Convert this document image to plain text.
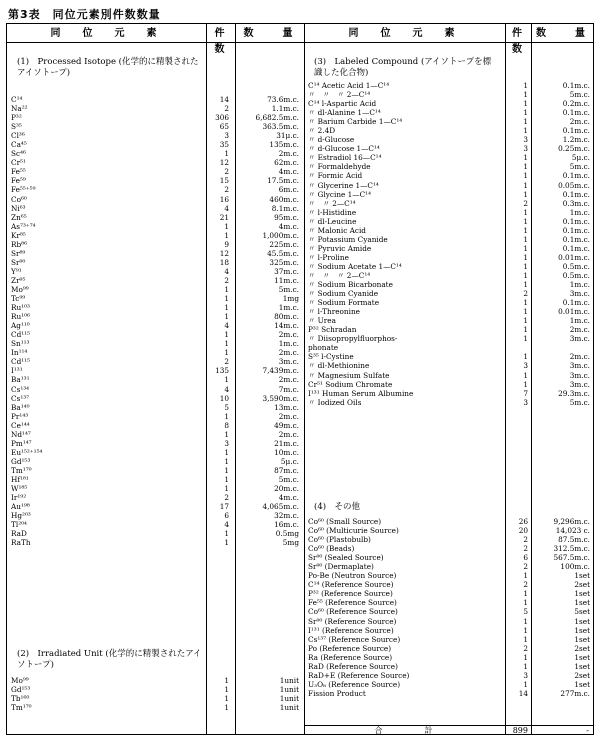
第3表　同位元素別件数数量
同　位　元　素	件　数
数　　量	同　位　元　素	件　数
数　　量
(1)　Processed Isotope (化学的に精製されたアイソトープ)
C¹⁴	14	73.6m.c.
Na²²	2	1.1m.c.
P³²	306	6,682.5m.c.
S³⁵	65	363.5m.c.
Cl³⁶	3	31μ.c.
Ca⁴⁵	35	135m.c.
Sc⁴⁶	1	2m.c.
Cr⁵¹	12	62m.c.
Fe⁵⁵	2	4m.c.
Fe⁵⁹	15	17.5m.c.
Fe⁵⁵⁺⁵⁹	2	6m.c.
Co⁶⁰	16	460m.c.
Ni⁶³	4	8.1m.c.
Zn⁶⁵	21	95m.c.
As⁷³⁺⁷⁴	1	4m.c.
Kr⁸⁵	1	1,000m.c.
Rb⁸⁶	9	225m.c.
Sr⁸⁹	12	45.5m.c.
Sr⁹⁰	18	325m.c.
Y⁹¹	4	37m.c.
Zr⁹⁵	2	11m.c.
Mo⁹⁹	1	5m.c.
Tc⁹⁹	1	1mg
Ru¹⁰³	1	1m.c.
Ru¹⁰⁶	1	80m.c.
Ag¹¹⁰	4	14m.c.
Cd¹¹⁵	1	2m.c.
Sn¹¹³	1	1m.c.
In¹¹⁴	1	2m.c.
Cd¹¹⁵	2	3m.c.
I¹³¹	135	7,439m.c.
Ba¹³¹	1	2m.c.
Cs¹³⁴	4	7m.c.
Cs¹³⁷	10	3,590m.c.
Ba¹⁴⁰	5	13m.c.
Pr¹⁴³	1	2m.c.
Ce¹⁴⁴	8	49m.c.
Nd¹⁴⁷	1	2m.c.
Pm¹⁴⁷	3	21m.c.
Eu¹⁵²⁺¹⁵⁴	1	10m.c.
Gd¹⁵³	1	5μ.c.
Tm¹⁷⁰	1	87m.c.
Hf¹⁸¹	1	5m.c.
W¹⁸⁵	1	20m.c.
Ir¹⁹²	2	4m.c.
Au¹⁹⁸	17	4,065m.c.
Hg²⁰³	6	32m.c.
Tl²⁰⁴	4	16m.c.
RaD	1	0.5mg
RaTh	1	5mg
(2)　Irradiated Unit (化学的に精製されたアイソトープ)
Mo⁹⁹	1	1unit
Gd¹⁵³	1	1unit
Tb¹⁶⁰	1	1unit
Tm¹⁷⁰	1	1unit
(3)　Labeled Compound (アイソトープを標識した化合物)
C¹⁴ Acetic Acid 1—C¹⁴	1	0.1m.c.
〃　〃　〃 2—C¹⁴	1	5m.c.
C¹⁴ l-Aspartic Acid	1	0.2m.c.
〃 dl-Alanine 1—C¹⁴	1	0.1m.c.
〃 Barium Carbide 1—C¹⁴	1	2m.c.
〃 2.4D	1	0.1m.c.
〃 d-Glucose	3	1.2m.c.
〃 d-Glucose 1—C¹⁴	3	0.25m.c.
〃 Estradiol 16—C¹⁴	1	5μ.c.
〃 Formaldehyde	1	5m.c.
〃 Formic Acid	1	0.1m.c.
〃 Glycerine 1—C¹⁴	1	0.05m.c.
〃 Glycine 1—C¹⁴	1	0.1m.c.
〃　〃 2—C¹⁴	2	0.3m.c.
〃 l-Histidine	1	1m.c.
〃 dl-Leucine	1	0.1m.c.
〃 Malonic Acid	1	0.1m.c.
〃 Potassium Cyanide	1	0.1m.c.
〃 Pyruvic Amide	1	0.1m.c.
〃 l-Proline	1	0.01m.c.
〃 Sodium Acetate 1—C¹⁴	1	0.5m.c.
〃　〃　〃 2—C¹⁴	1	0.5m.c.
〃 Sodium Bicarbonate	1	1m.c.
〃 Sodium Cyanide	2	3m.c.
〃 Sodium Formate	1	0.1m.c.
〃 l-Threonine	1	0.01m.c.
〃 Urea	1	1m.c.
P³² Schradan	1	2m.c.
〃 Diisopropylfluorphos-	1	3m.c.
phonate
S³⁵ l-Cystine	1	2m.c.
〃 dl-Methionine	3	3m.c.
〃 Magnesium Sulfate	1	3m.c.
Cr⁵¹ Sodium Chromate	1	3m.c.
I¹³¹ Human Serum Albumine	7	29.3m.c.
〃 Iodized Oils	3	5m.c.
(4)　その他
Co⁶⁰ (Small Source)	26	9,296m.c.
Co⁶⁰ (Multicurie Source)	20	14,023 c.
Co⁶⁰ (Plastobulb)	2	87.5m.c.
Co⁶⁰ (Beads)	2	312.5m.c.
Sr⁹⁰ (Sealed Source)	6	567.5m.c.
Sr⁹⁰ (Dermaplate)	2	100m.c.
Po-Be (Neutron Source)	1	1set
C¹⁴ (Reference Source)	2	2set
P³² (Reference Source)	1	1set
Fe⁵⁵ (Reference Source)	1	1set
Co⁶⁰ (Reference Source)	5	5set
Sr⁹⁰ (Reference Source)	1	1set
I¹³¹ (Reference Source)	1	1set
Cs¹³⁷ (Reference Source)	1	1set
Po (Reference Source)	2	2set
Ra (Reference Source)	1	1set
RaD (Reference Source)	1	1set
RaD+E (Reference Source)	3	2set
U₃O₈ (Reference Source)	1	1set
Fission Product	14	277m.c.
合　　　　計	899	-
